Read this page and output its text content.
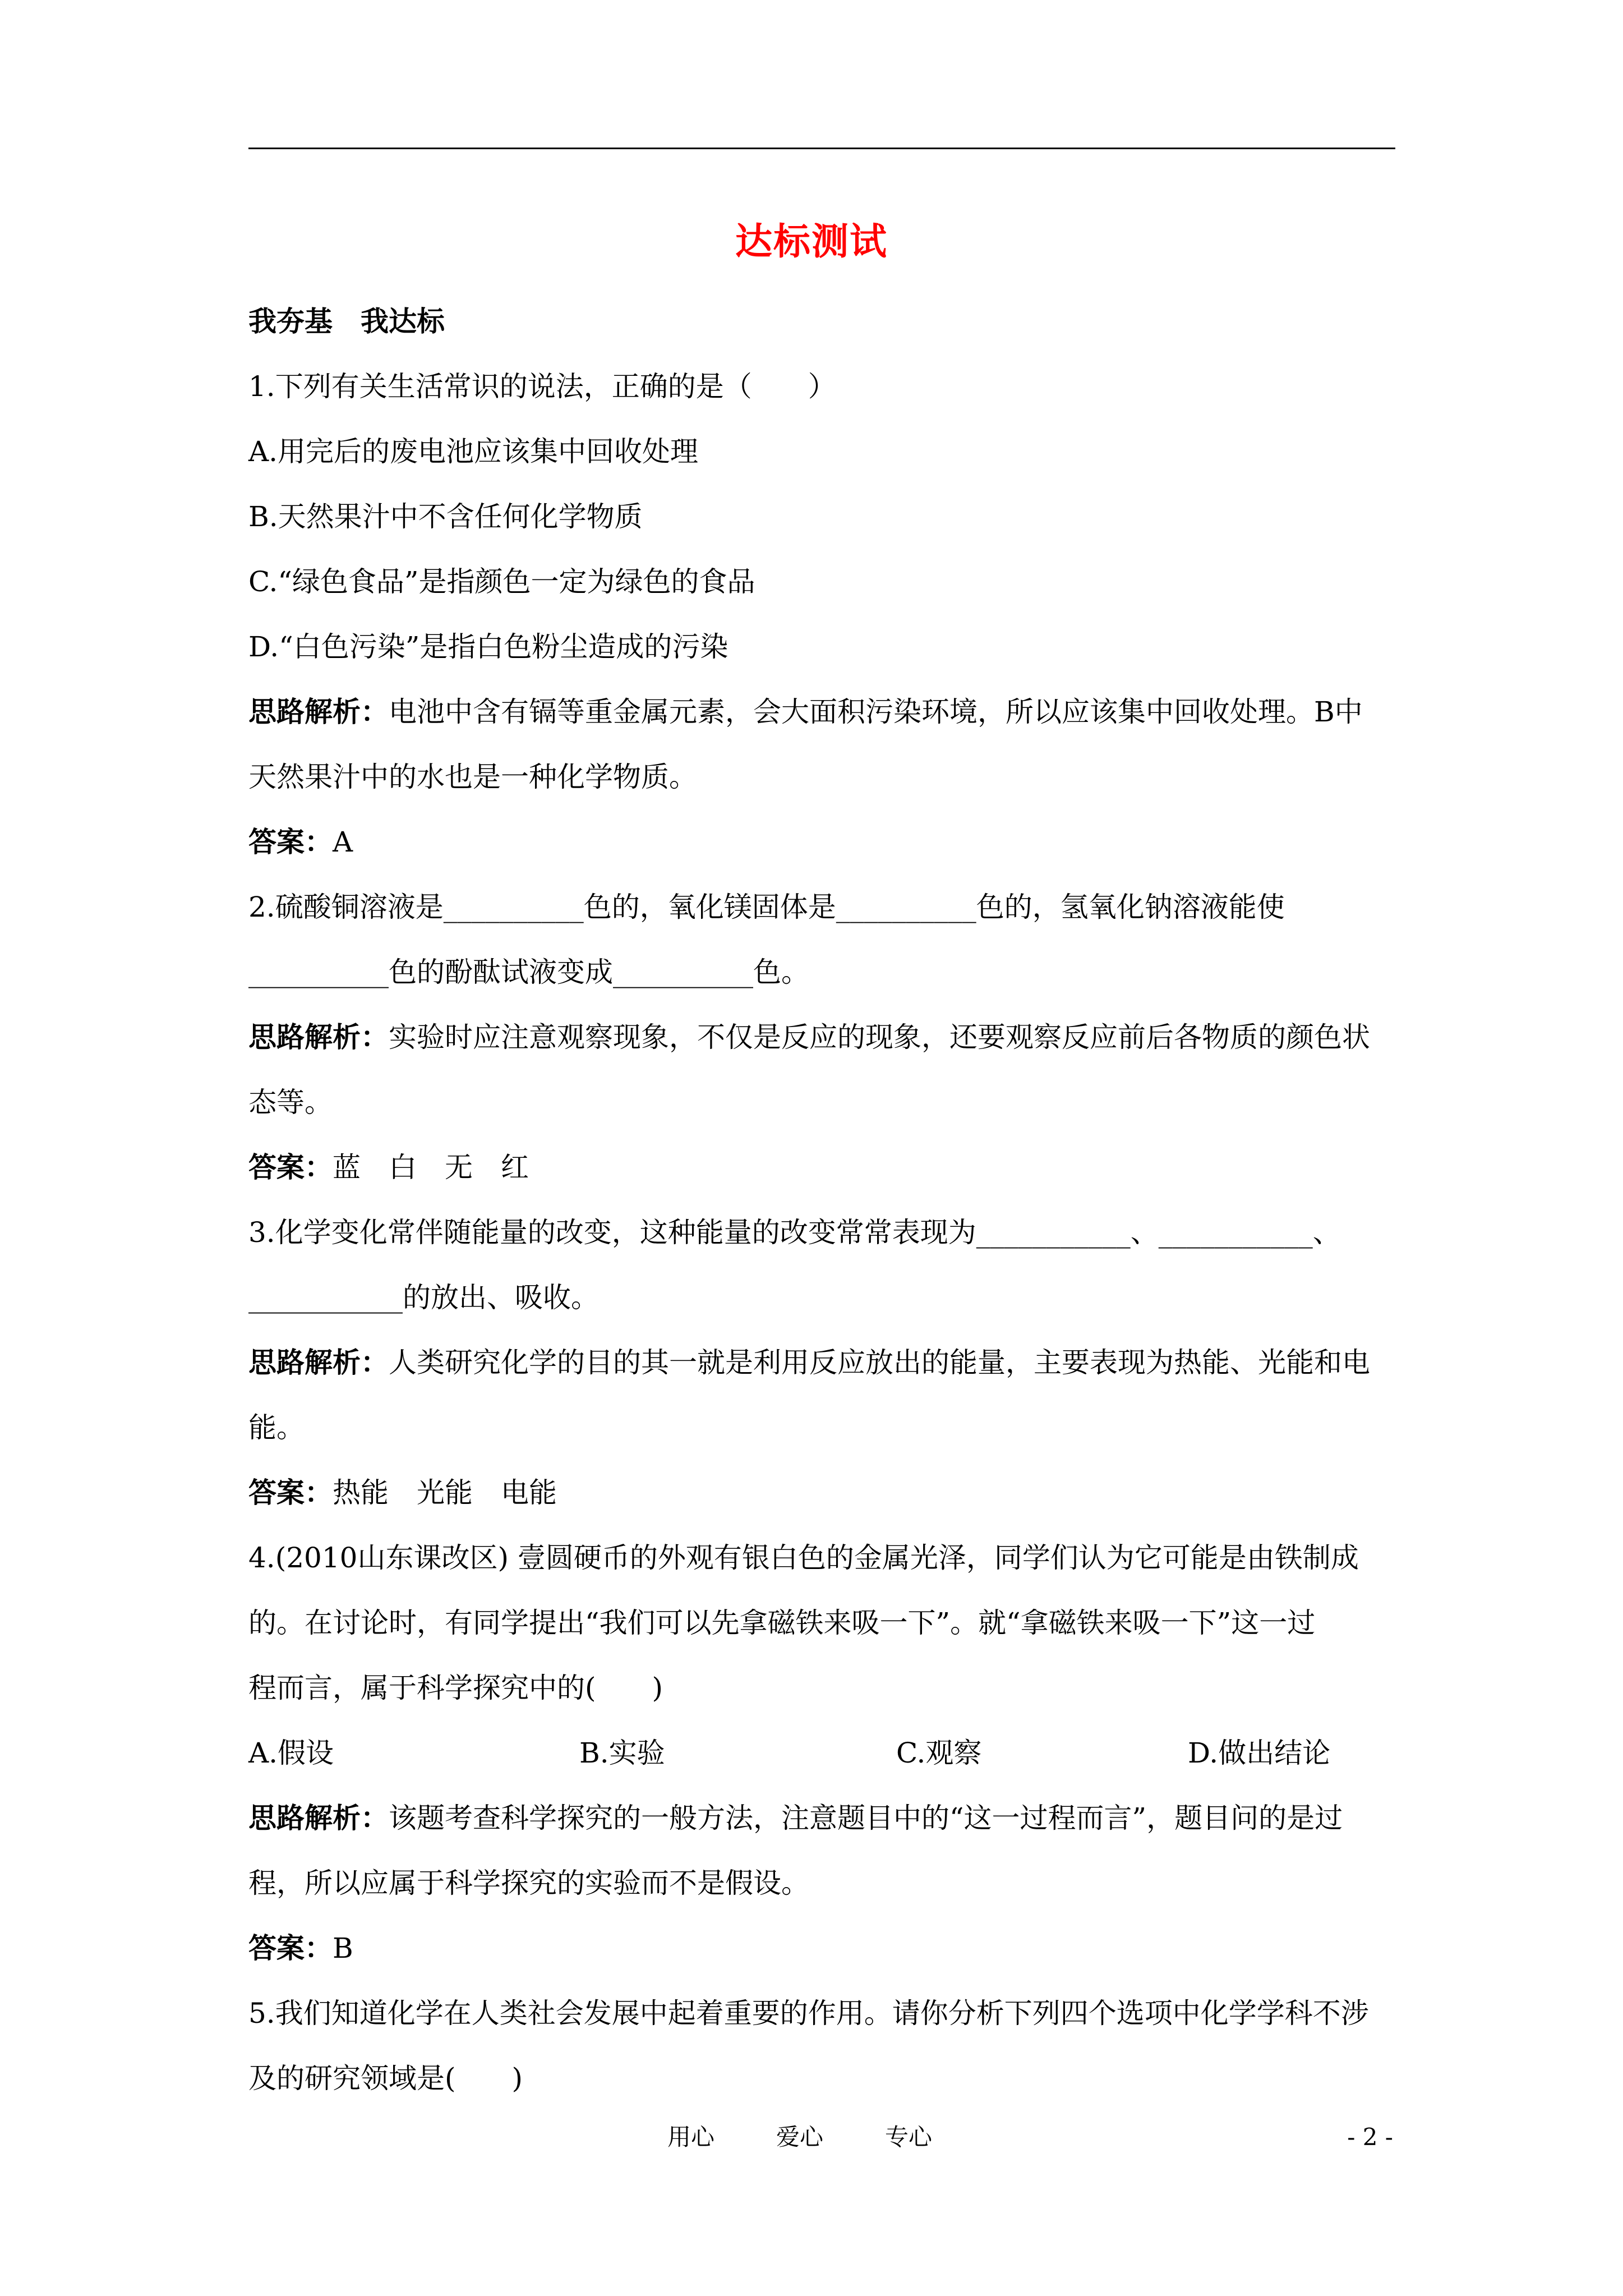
达标测试
我夯基　我达标
1.下列有关生活常识的说法，正确的是（　　）
A.用完后的废电池应该集中回收处理
B.天然果汁中不含任何化学物质
C.“绿色食品”是指颜色一定为绿色的食品
D.“白色污染”是指白色粉尘造成的污染
思路解析：电池中含有镉等重金属元素，会大面积污染环境，所以应该集中回收处理。B中
天然果汁中的水也是一种化学物质。
答案：A
2.硫酸铜溶液是__________色的，氧化镁固体是__________色的，氢氧化钠溶液能使
__________色的酚酞试液变成__________色。
思路解析：实验时应注意观察现象，不仅是反应的现象，还要观察反应前后各物质的颜色状
态等。
答案：蓝　白　无　红
3.化学变化常伴随能量的改变，这种能量的改变常常表现为___________、___________、
___________的放出、吸收。
思路解析：人类研究化学的目的其一就是利用反应放出的能量，主要表现为热能、光能和电
能。
答案：热能　光能　电能
4.(2010山东课改区) 壹圆硬币的外观有银白色的金属光泽，同学们认为它可能是由铁制成
的。在讨论时，有同学提出“我们可以先拿磁铁来吸一下”。就“拿磁铁来吸一下”这一过
程而言，属于科学探究中的(　　)
A.假设	B.实验	C.观察	D.做出结论
思路解析：该题考查科学探究的一般方法，注意题目中的“这一过程而言”，题目问的是过
程，所以应属于科学探究的实验而不是假设。
答案：B
5.我们知道化学在人类社会发展中起着重要的作用。请你分析下列四个选项中化学学科不涉
及的研究领域是(　　)
用心	爱心	专心	- 2 -
